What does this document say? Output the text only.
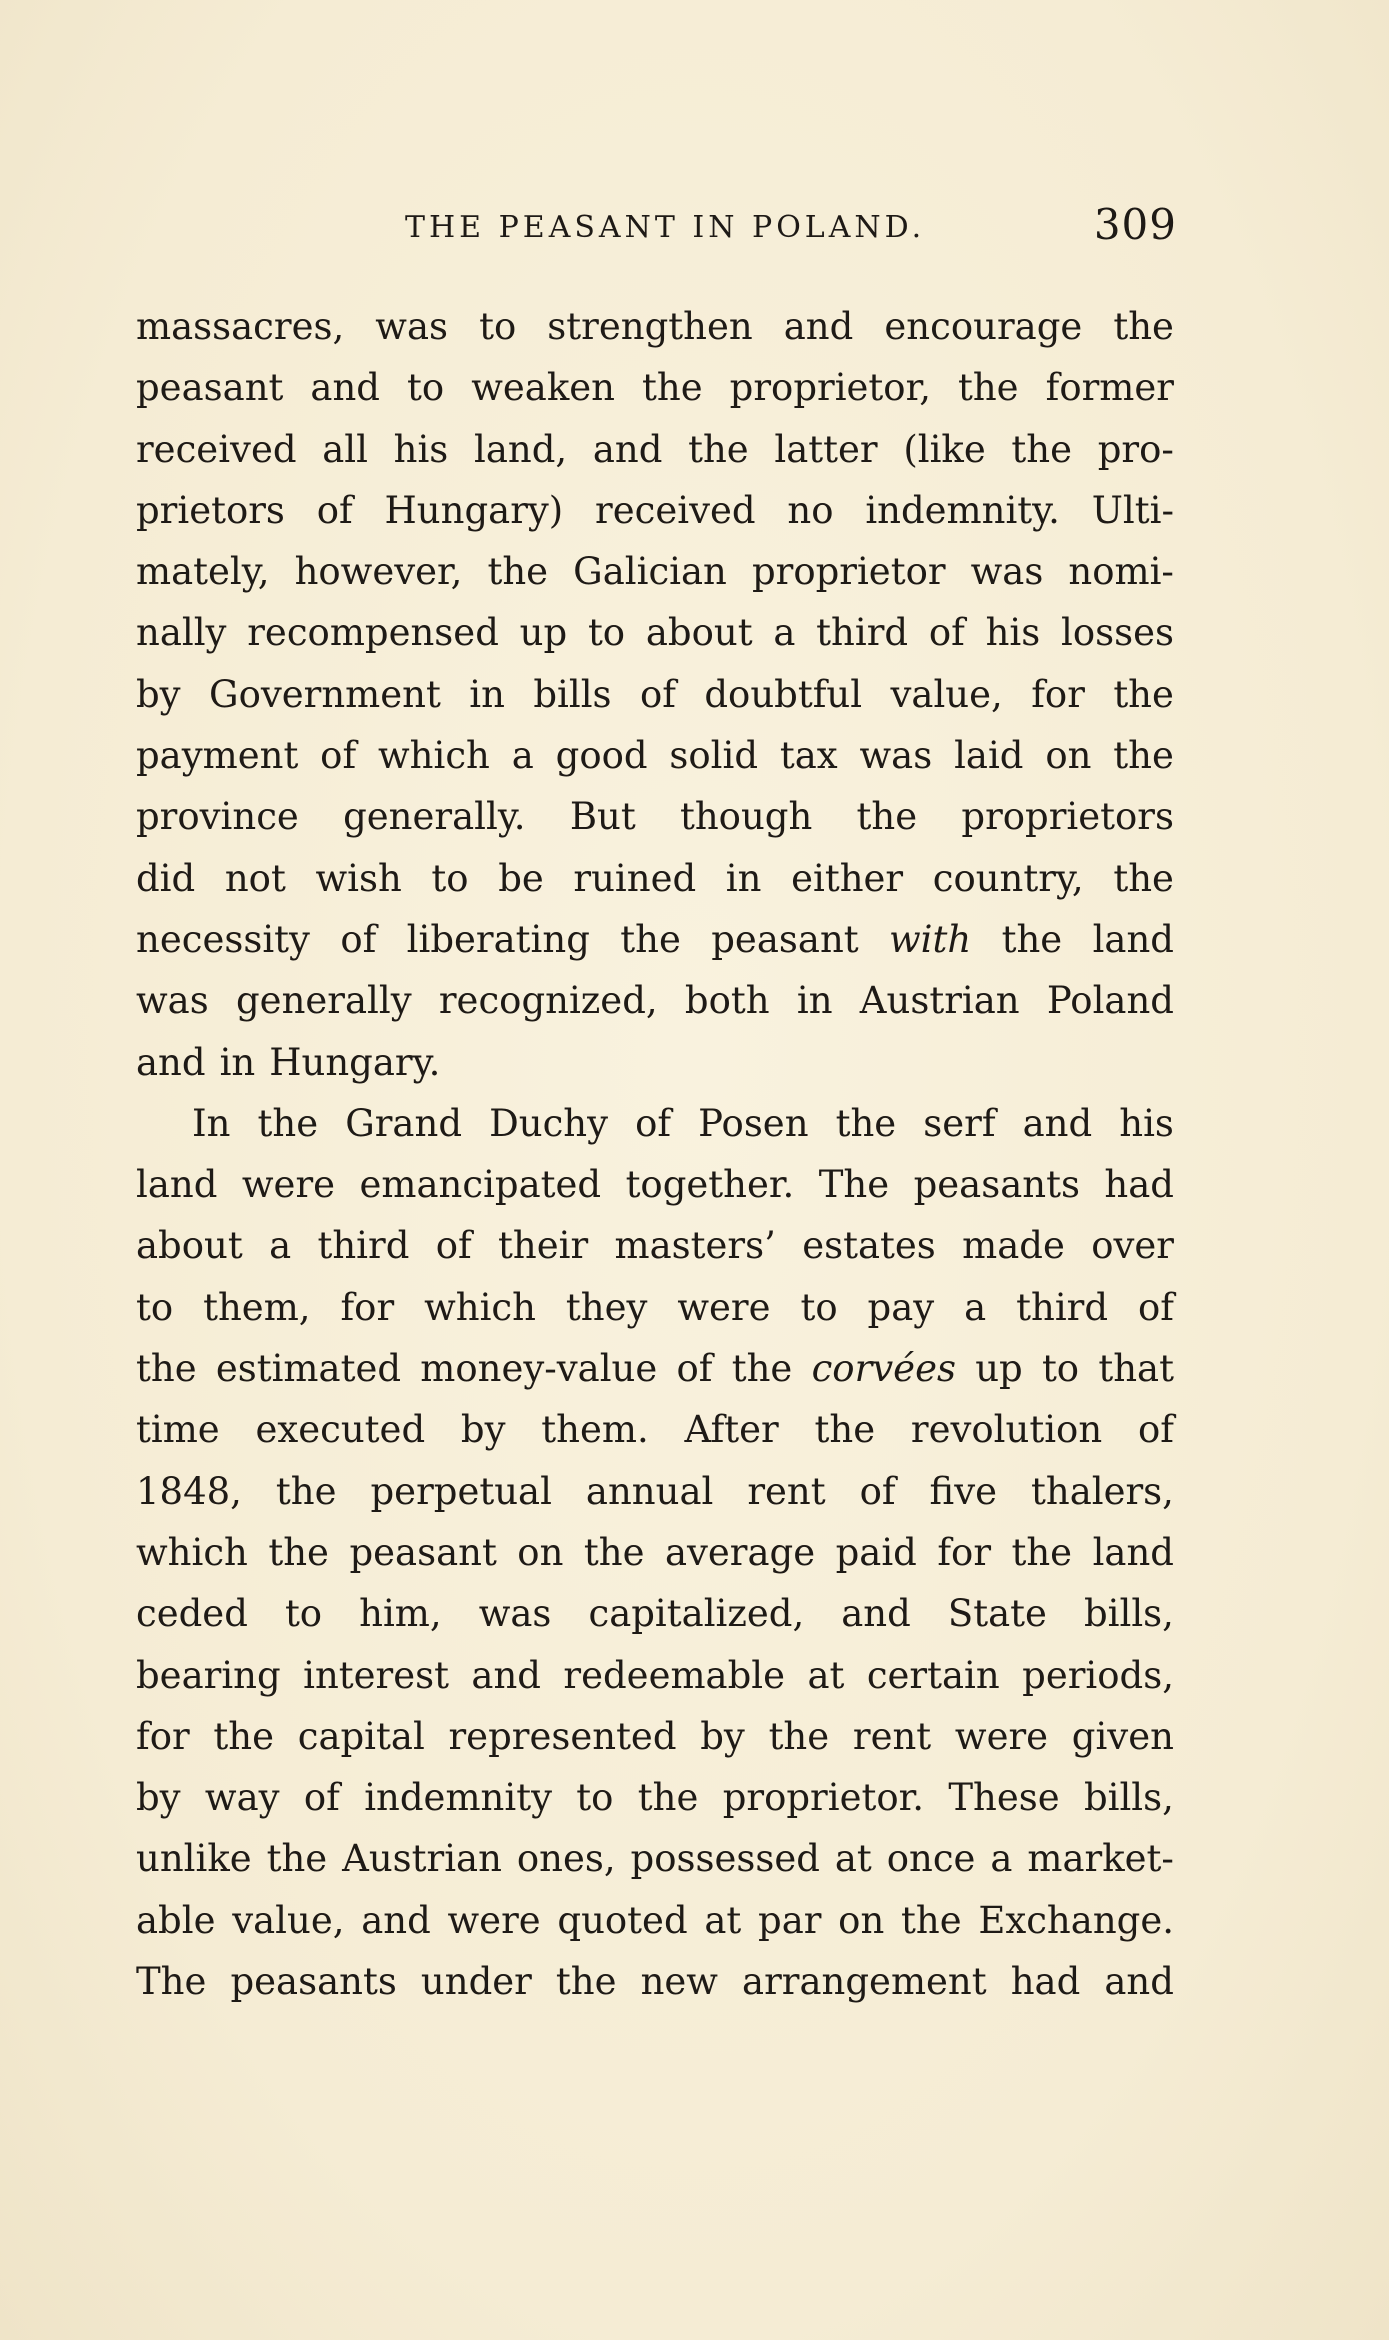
THE PEASANT IN POLAND.	309
massacres, was to strengthen and encourage the
peasant and to weaken the proprietor, the former
received all his land, and the latter (like the pro-
prietors of Hungary) received no indemnity. Ulti-
mately, however, the Galician proprietor was nomi-
nally recompensed up to about a third of his losses
by Government in bills of doubtful value, for the
payment of which a good solid tax was laid on the
province generally. But though the proprietors
did not wish to be ruined in either country, the
necessity of liberating the peasant with the land
was generally recognized, both in Austrian Poland
and in Hungary.
In the Grand Duchy of Posen the serf and his
land were emancipated together. The peasants had
about a third of their masters’ estates made over
to them, for which they were to pay a third of
the estimated money-value of the corvées up to that
time executed by them. After the revolution of
1848, the perpetual annual rent of five thalers,
which the peasant on the average paid for the land
ceded to him, was capitalized, and State bills,
bearing interest and redeemable at certain periods,
for the capital represented by the rent were given
by way of indemnity to the proprietor. These bills,
unlike the Austrian ones, possessed at once a market-
able value, and were quoted at par on the Exchange.
The peasants under the new arrangement had and
